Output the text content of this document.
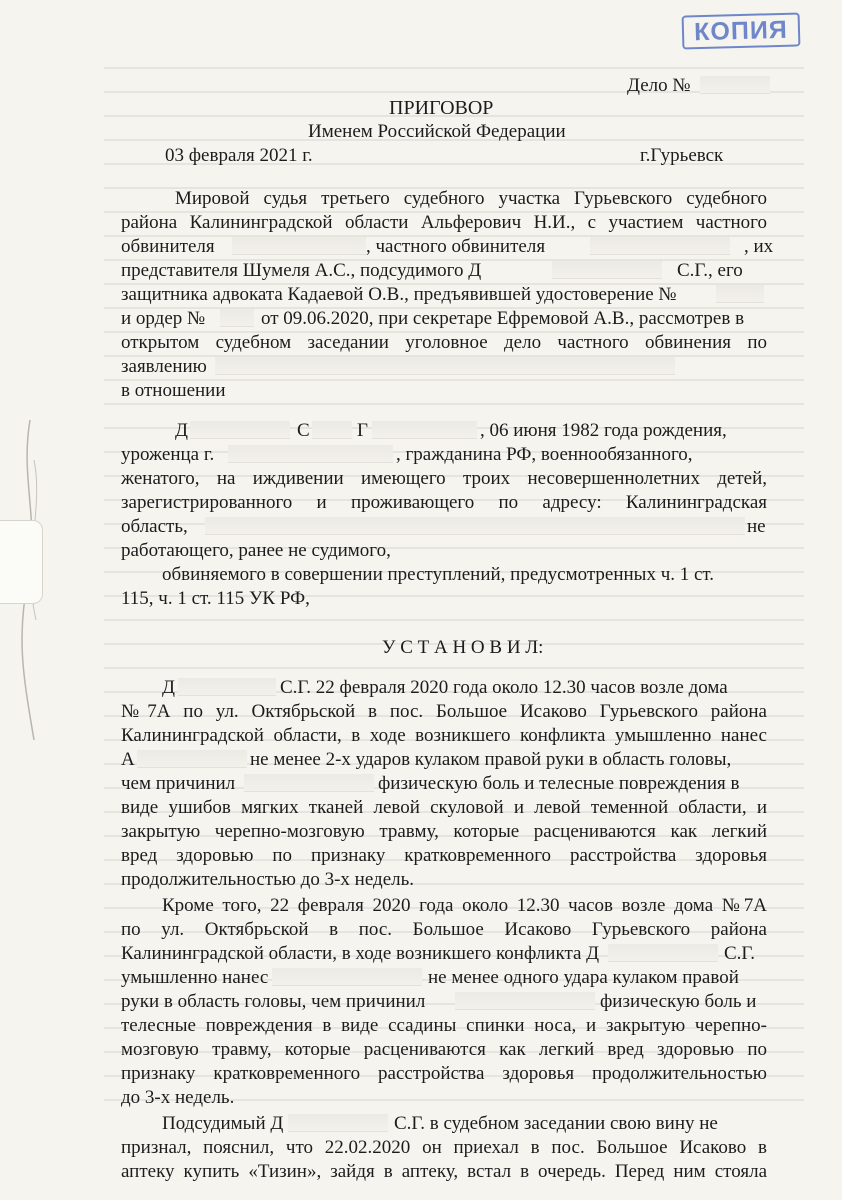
КОПИЯ
Дело №
ПРИГОВОР
Именем Российской Федерации
03 февраля 2021 г.	г.Гурьевск
Мировой судья третьего судебного участка Гурьевского судебного
района Калининградской области Альферович Н.И., с участием частного
обвинителя	, частного обвинителя	, их
представителя Шумеля А.С., подсудимого Д	С.Г., его
защитника адвоката Кадаевой О.В., предъявившей удостоверение №
и ордер №	от 09.06.2020, при секретаре Ефремовой А.В., рассмотрев в
открытом судебном заседании уголовное дело частного обвинения по
заявлению
в отношении
Д	С Г	, 06 июня 1982 года рождения,
уроженца г.	, гражданина РФ, военнообязанного,
женатого, на иждивении имеющего троих несовершеннолетних детей,
зарегистрированного и проживающего по адресу: Калининградская
область,	не
работающего, ранее не судимого,
обвиняемого в совершении преступлений, предусмотренных ч. 1 ст.
115, ч. 1 ст. 115 УК РФ,
У С Т А Н О В И Л:
Д	С.Г. 22 февраля 2020 года около 12.30 часов возле дома
№7А по ул. Октябрьской в пос. Большое Исаково Гурьевского района
Калининградской области, в ходе возникшего конфликта умышленно нанес
А	не менее 2-х ударов кулаком правой руки в область головы,
чем причинил	физическую боль и телесные повреждения в
виде ушибов мягких тканей левой скуловой и левой теменной области, и
закрытую черепно-мозговую травму, которые расцениваются как легкий
вред здоровью по признаку кратковременного расстройства здоровья
продолжительностью до 3-х недель.
Кроме того, 22 февраля 2020 года около 12.30 часов возле дома №7А
по ул. Октябрьской в пос. Большое Исаково Гурьевского района
Калининградской области, в ходе возникшего конфликта Д	С.Г.
умышленно нанес	не менее одного удара кулаком правой
руки в область головы, чем причинил	физическую боль и
телесные повреждения в виде ссадины спинки носа, и закрытую черепно-
мозговую травму, которые расцениваются как легкий вред здоровью по
признаку кратковременного расстройства здоровья продолжительностью
до 3-х недель.
Подсудимый Д	С.Г. в судебном заседании свою вину не
признал, пояснил, что 22.02.2020 он приехал в пос. Большое Исаково в
аптеку купить «Тизин», зайдя в аптеку, встал в очередь. Перед ним стояла
